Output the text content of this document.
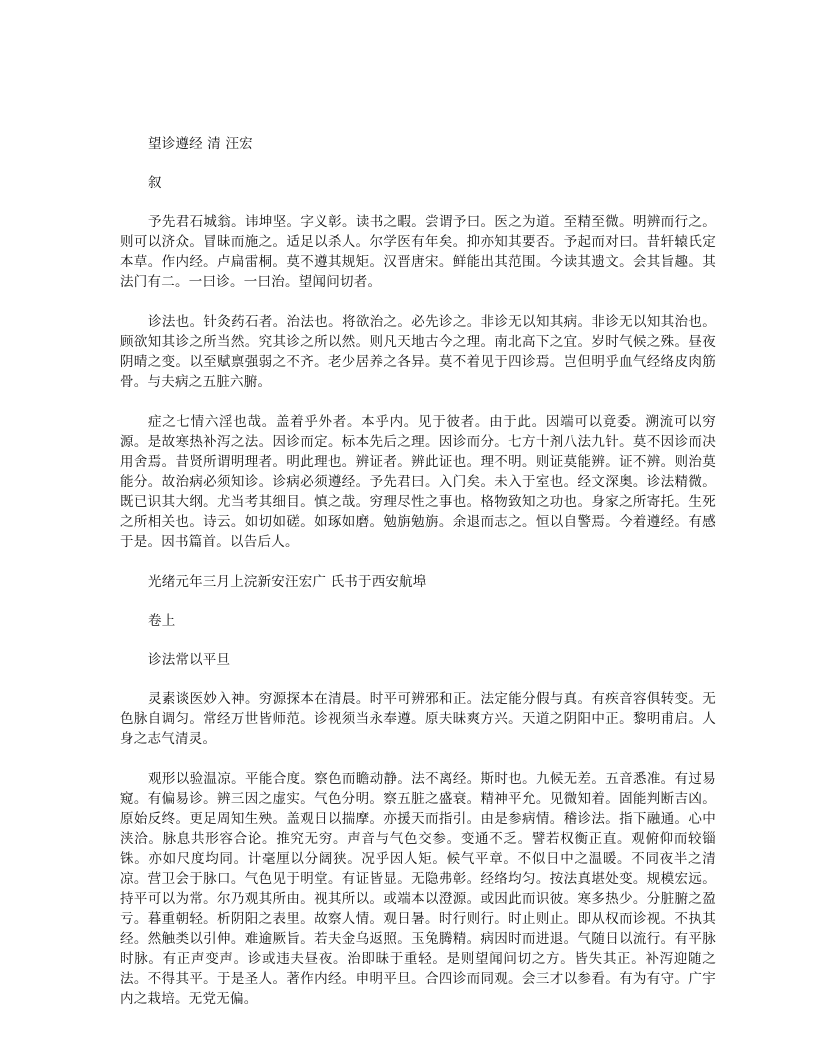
望诊遵经 清 汪宏
叙

予先君石城翁。讳坤坚。字义彰。读书之暇。尝谓予曰。医之为道。至精至微。明辨而行之。则可以济众。冒昧而施之。适足以杀人。尔学医有年矣。抑亦知其要否。予起而对曰。昔轩辕氏定本草。作内经。卢扁雷桐。莫不遵其规矩。汉晋唐宋。鲜能出其范围。今读其遗文。会其旨趣。其法门有二。一曰诊。一曰治。望闻问切者。

诊法也。针灸药石者。治法也。将欲治之。必先诊之。非诊无以知其病。非诊无以知其治也。顾欲知其诊之所当然。究其诊之所以然。则凡天地古今之理。南北高下之宜。岁时气候之殊。昼夜阴晴之变。以至赋禀强弱之不齐。老少居养之各异。莫不着见于四诊焉。岂但明乎血气经络皮肉筋骨。与夫病之五脏六腑。

症之七情六淫也哉。盖着乎外者。本乎内。见于彼者。由于此。因端可以竟委。溯流可以穷源。是故寒热补泻之法。因诊而定。标本先后之理。因诊而分。七方十剂八法九针。莫不因诊而决用舍焉。昔贤所谓明理者。明此理也。辨证者。辨此证也。理不明。则证莫能辨。证不辨。则治莫能分。故治病必须知诊。诊病必须遵经。予先君曰。入门矣。未入于室也。经文深奥。诊法精微。既已识其大纲。尤当考其细目。慎之哉。穷理尽性之事也。格物致知之功也。身家之所寄托。生死之所相关也。诗云。如切如磋。如琢如磨。勉旃勉旃。余退而志之。恒以自警焉。今着遵经。有感于是。因书篇首。以告后人。

光绪元年三月上浣新安汪宏广 氏书于西安航埠
卷上
诊法常以平旦

灵素谈医妙入神。穷源探本在清晨。时平可辨邪和正。法定能分假与真。有疾音容俱转变。无 色脉自调匀。常经万世皆师范。诊视须当永奉遵。原夫昧爽方兴。天道之阴阳中正。黎明甫启。人身之志气清灵。

观形以验温凉。平能合度。察色而瞻动静。法不离经。斯时也。九候无差。五音悉准。有过易窥。有偏易诊。辨三因之虚实。气色分明。察五脏之盛衰。精神平允。见微知着。固能判断吉凶。原始反终。更足周知生殃。盖观日以揣摩。亦援天而指引。由是参病情。稽诊法。指下融通。心中浃洽。脉息共形容合论。推究无穷。声音与气色交参。变通不乏。譬若权衡正直。观俯仰而较锱铢。亦如尺度均同。计毫厘以分阔狭。况乎因人矩。候气平章。不似日中之温暖。不同夜半之清凉。营卫会于脉口。气色见于明堂。有证皆显。无隐弗彰。经络均匀。按法真堪处变。规模宏远。持平可以为常。尔乃观其所由。视其所以。或端本以澄源。或因此而识彼。寒多热少。分脏腑之盈亏。暮重朝轻。析阴阳之表里。故察人情。观日暑。时行则行。时止则止。即从权而诊视。不执其经。然触类以引伸。难逾厥旨。若夫金乌返照。玉兔腾精。病因时而进退。气随日以流行。有平脉时脉。有正声变声。诊或违夫昼夜。治即昧于重轻。是则望闻问切之方。皆失其正。补泻迎随之法。不得其平。于是圣人。著作内经。申明平旦。合四诊而同观。会三才以参看。有为有守。广宇内之栽培。无党无偏。
